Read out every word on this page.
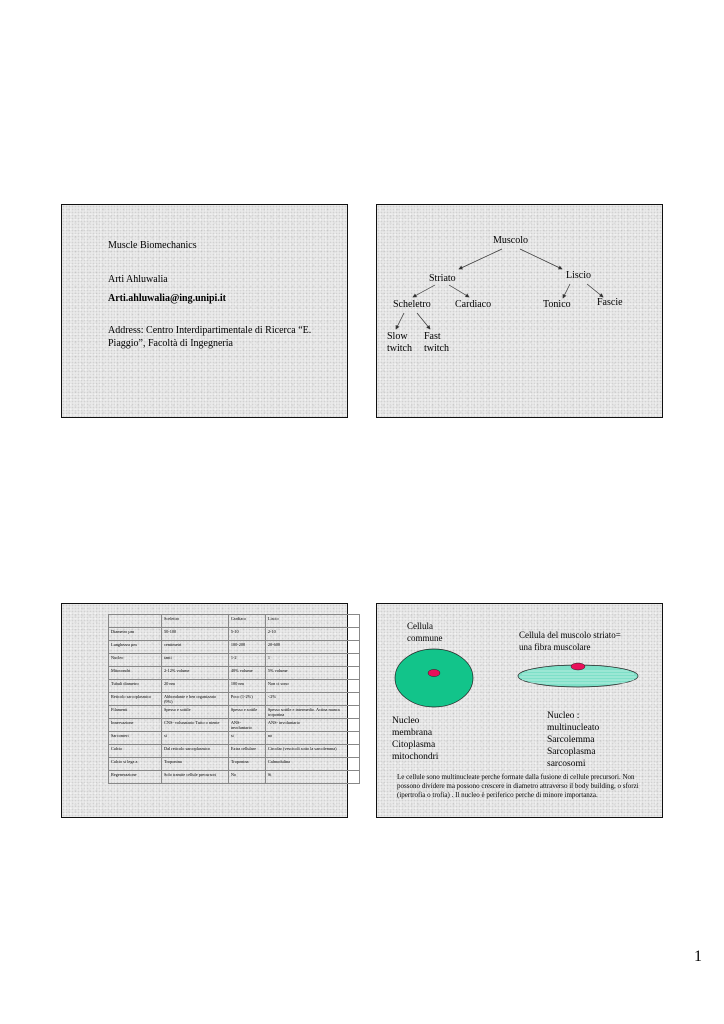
Muscle Biomechanics
Arti Ahluwalia
Arti.ahluwalia@ing.unipi.it
Address: Centro Interdipartimentale di Ricerca “E.
Piaggio”, Facoltà di Ingegneria
Muscolo
Striato	Liscio
Scheletro Cardiaco	Tonico	Fascie
Slow
twitch
Fast
twitch
	Scelettro	Cardiaco	Liscio
Diametro µm	50-100	5-10	2-10
Lunghezza µm	centimetri	100-200	20-600
Nucleo	tanti	1-2	1
Mitocondri	2-12% volume	40% volume	5% volume
Tubuli diametro	20 nm	100 nm	Non ci sono
Reticolo sarcoplasmico	Abbondante e ben organizzato (9%)	Poco (1-2%)	<2%
Filamenti	Spesso e sottile	Spesso e sottile	Spesso sottile e intermedio. Actina manca troponina
Innervazione	CNS- volunatario Tutto o niente	ANS- involuntario	ANS- involuntario
Sarcomeri	si	si	no
Calcio	Dal reticolo sarcoplasmico	Extra cellulare	Circolar (vescicoli sotto la sarcolemma)
Calcio si lega a	Troponina	Troponina	Calmodulina
Regenerazione	Solo tramite cellule precursori	No	Si
Cellula
commune	Cellula del muscolo striato=
una fibra muscolare
Nucleo
membrana
Citoplasma
mitochondri
Nucleo :
multinucleato
Sarcolemma
Sarcoplasma
sarcosomi
Le cellule sono multinucleate perche formate dalla fusione di cellule precursori. Non possono dividere ma possono crescere in diametro attraverso il body building, o sforzi (ipertrofia o trofia) . Il nucleo è periferico perche di minore importanza.
1
